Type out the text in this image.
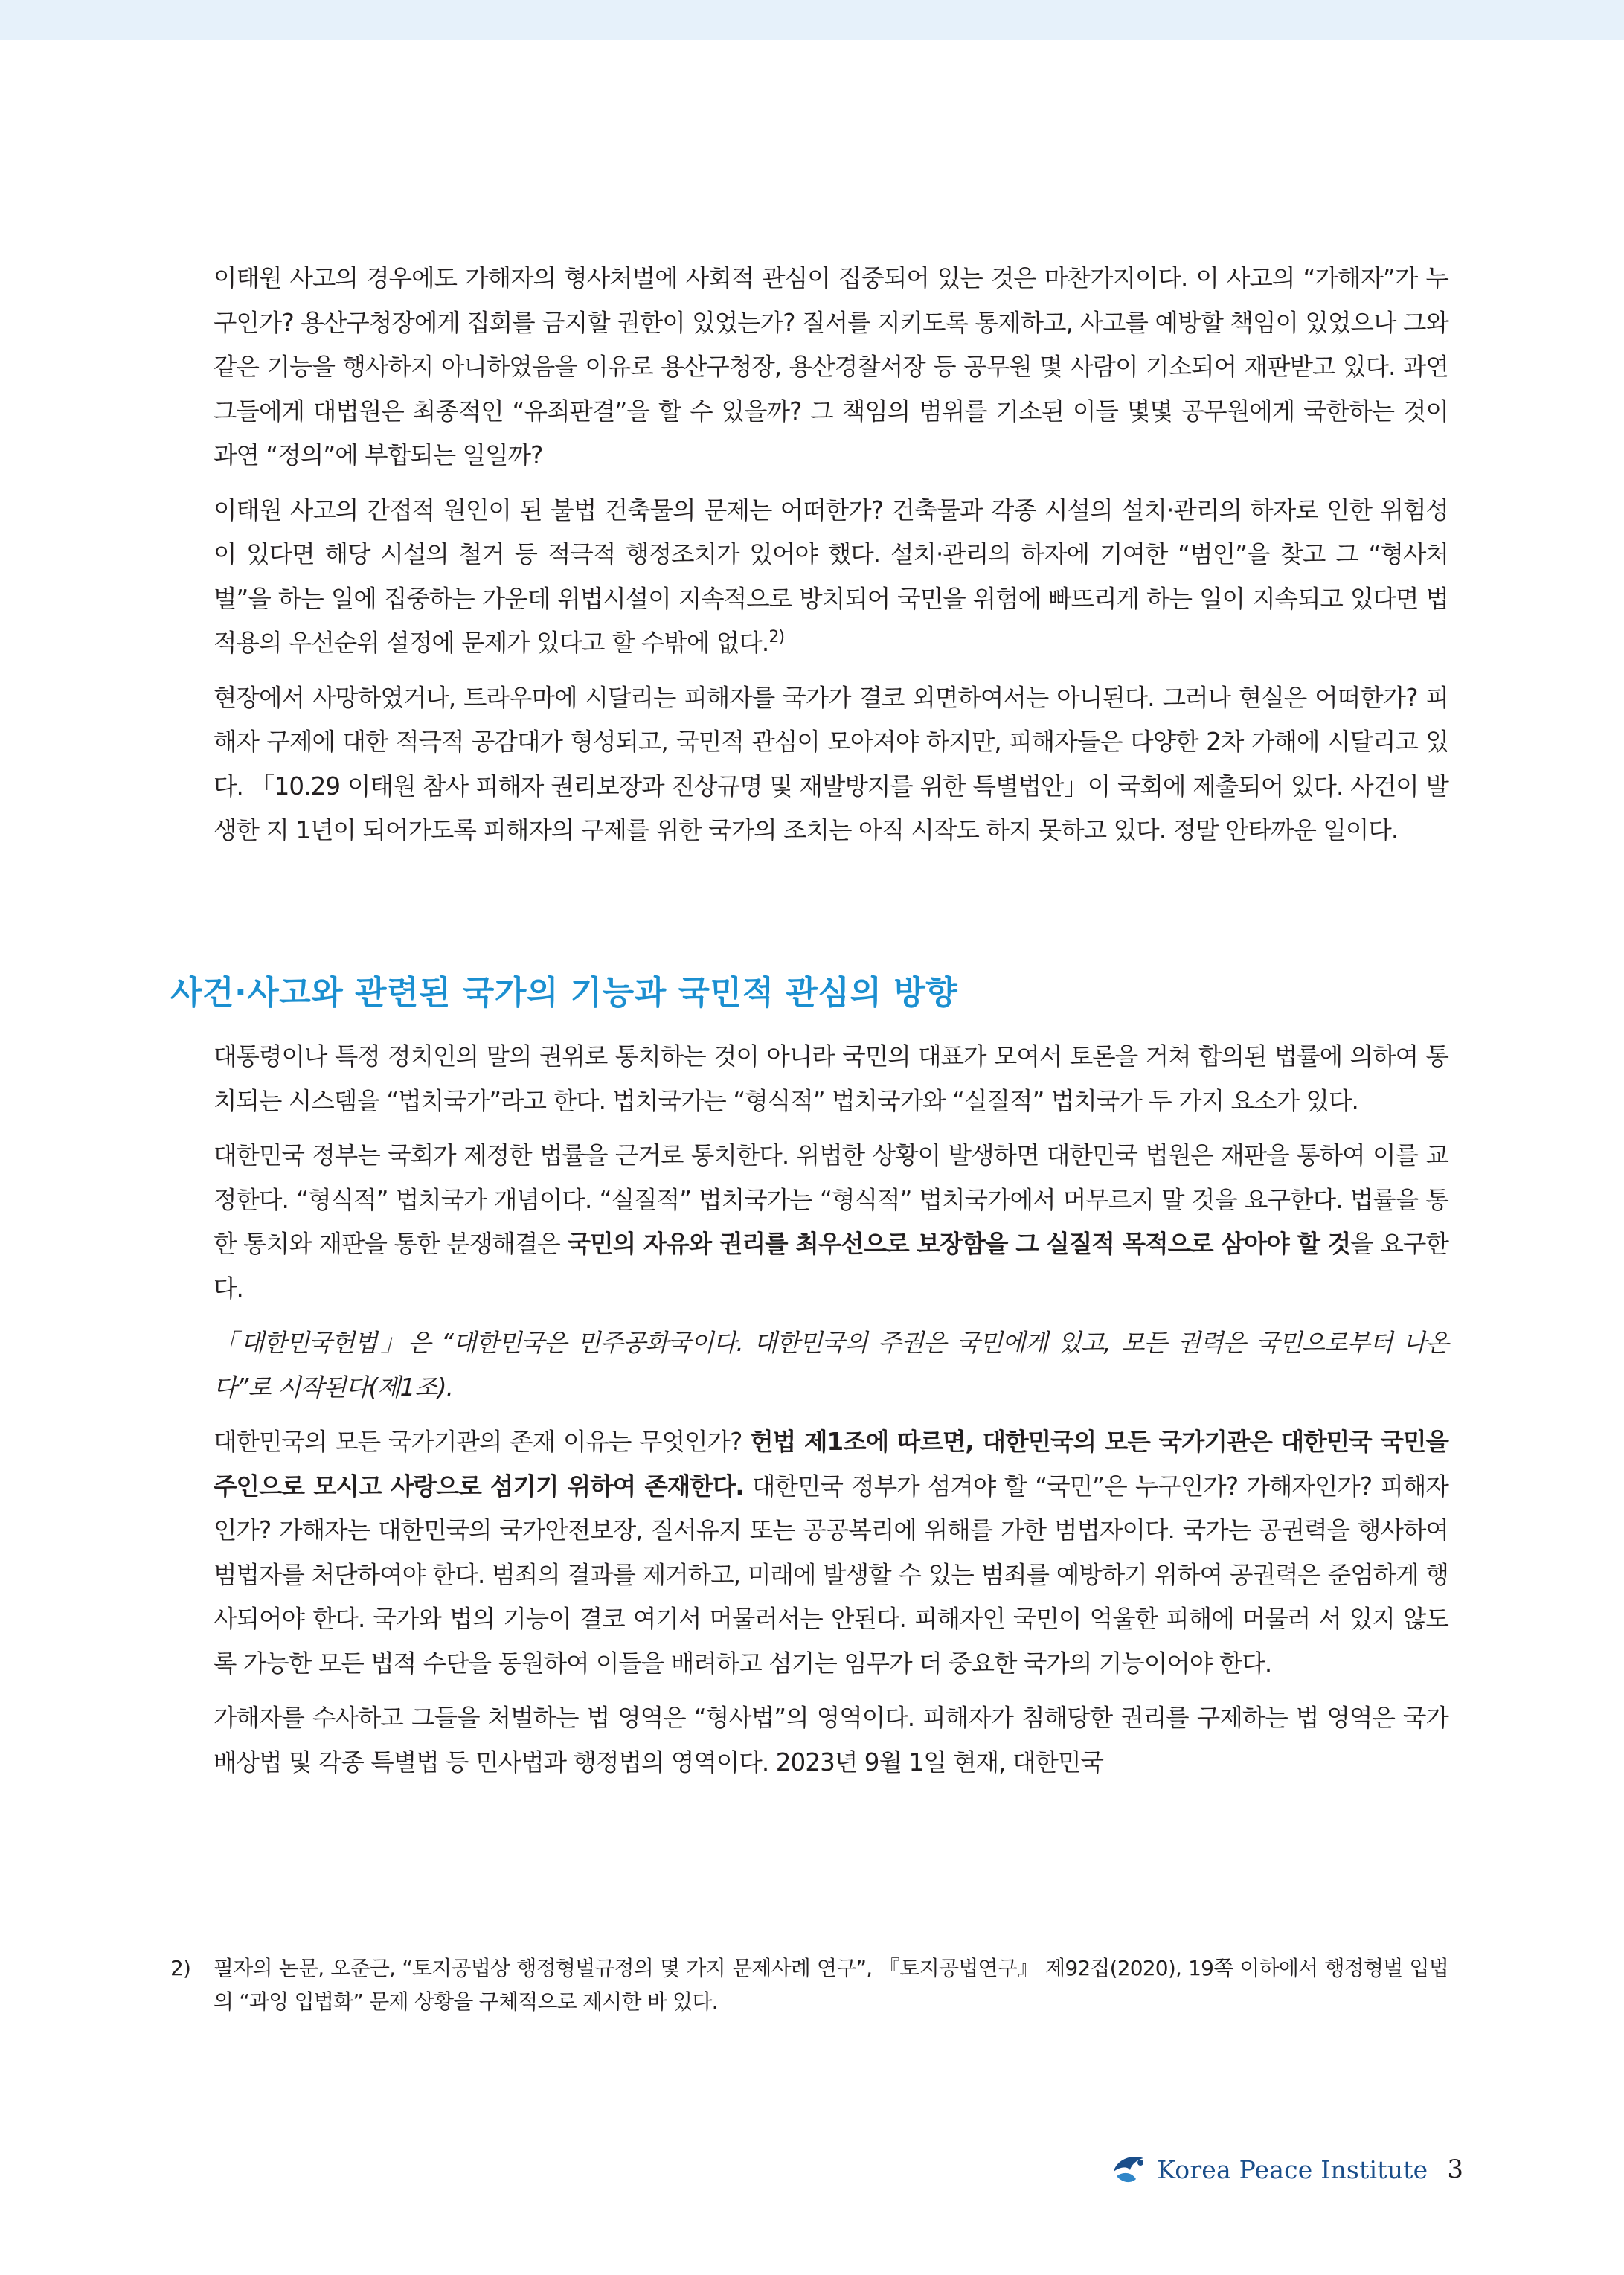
이태원 사고의 경우에도 가해자의 형사처벌에 사회적 관심이 집중되어 있는 것은 마찬가지이다. 이 사고의 “가해자”가 누구인가? 용산구청장에게 집회를 금지할 권한이 있었는가? 질서를 지키도록 통제하고, 사고를 예방할 책임이 있었으나 그와 같은 기능을 행사하지 아니하였음을 이유로 용산구청장, 용산경찰서장 등 공무원 몇 사람이 기소되어 재판받고 있다. 과연 그들에게 대법원은 최종적인 “유죄판결”을 할 수 있을까? 그 책임의 범위를 기소된 이들 몇몇 공무원에게 국한하는 것이 과연 “정의”에 부합되는 일일까?

이태원 사고의 간접적 원인이 된 불법 건축물의 문제는 어떠한가? 건축물과 각종 시설의 설치·관리의 하자로 인한 위험성이 있다면 해당 시설의 철거 등 적극적 행정조치가 있어야 했다. 설치·관리의 하자에 기여한 “범인”을 찾고 그 “형사처벌”을 하는 일에 집중하는 가운데 위법시설이 지속적으로 방치되어 국민을 위험에 빠뜨리게 하는 일이 지속되고 있다면 법 적용의 우선순위 설정에 문제가 있다고 할 수밖에 없다.$^{2)}$

현장에서 사망하였거나, 트라우마에 시달리는 피해자를 국가가 결코 외면하여서는 아니된다. 그러나 현실은 어떠한가? 피해자 구제에 대한 적극적 공감대가 형성되고, 국민적 관심이 모아져야 하지만, 피해자들은 다양한 2차 가해에 시달리고 있다. 「10.29 이태원 참사 피해자 권리보장과 진상규명 및 재발방지를 위한 특별법안」이 국회에 제출되어 있다. 사건이 발생한 지 1년이 되어가도록 피해자의 구제를 위한 국가의 조치는 아직 시작도 하지 못하고 있다. 정말 안타까운 일이다.

사건·사고와 관련된 국가의 기능과 국민적 관심의 방향

대통령이나 특정 정치인의 말의 권위로 통치하는 것이 아니라 국민의 대표가 모여서 토론을 거쳐 합의된 법률에 의하여 통치되는 시스템을 “법치국가”라고 한다. 법치국가는 “형식적” 법치국가와 “실질적” 법치국가 두 가지 요소가 있다.

대한민국 정부는 국회가 제정한 법률을 근거로 통치한다. 위법한 상황이 발생하면 대한민국 법원은 재판을 통하여 이를 교정한다. “형식적” 법치국가 개념이다. “실질적” 법치국가는 “형식적” 법치국가에서 머무르지 말 것을 요구한다. 법률을 통한 통치와 재판을 통한 분쟁해결은 국민의 자유와 권리를 최우선으로 보장함을 그 실질적 목적으로 삼아야 할 것을 요구한다.

「대한민국헌법」은 “대한민국은 민주공화국이다. 대한민국의 주권은 국민에게 있고, 모든 권력은 국민으로부터 나온다”로 시작된다(제1조).

대한민국의 모든 국가기관의 존재 이유는 무엇인가? 헌법 제1조에 따르면, 대한민국의 모든 국가기관은 대한민국 국민을 주인으로 모시고 사랑으로 섬기기 위하여 존재한다. 대한민국 정부가 섬겨야 할 “국민”은 누구인가? 가해자인가? 피해자인가? 가해자는 대한민국의 국가안전보장, 질서유지 또는 공공복리에 위해를 가한 범법자이다. 국가는 공권력을 행사하여 범법자를 처단하여야 한다. 범죄의 결과를 제거하고, 미래에 발생할 수 있는 범죄를 예방하기 위하여 공권력은 준엄하게 행사되어야 한다. 국가와 법의 기능이 결코 여기서 머물러서는 안된다. 피해자인 국민이 억울한 피해에 머물러 서 있지 않도록 가능한 모든 법적 수단을 동원하여 이들을 배려하고 섬기는 임무가 더 중요한 국가의 기능이어야 한다.

가해자를 수사하고 그들을 처벌하는 법 영역은 “형사법”의 영역이다. 피해자가 침해당한 권리를 구제하는 법 영역은 국가배상법 및 각종 특별법 등 민사법과 행정법의 영역이다. 2023년 9월 1일 현재, 대한민국

2) 필자의 논문, 오준근, “토지공법상 행정형벌규정의 몇 가지 문제사례 연구”, 『토지공법연구』 제92집(2020), 19쪽 이하에서 행정형벌 입법의 “과잉 입법화” 문제 상황을 구체적으로 제시한 바 있다.
Korea Peace Institute 3
